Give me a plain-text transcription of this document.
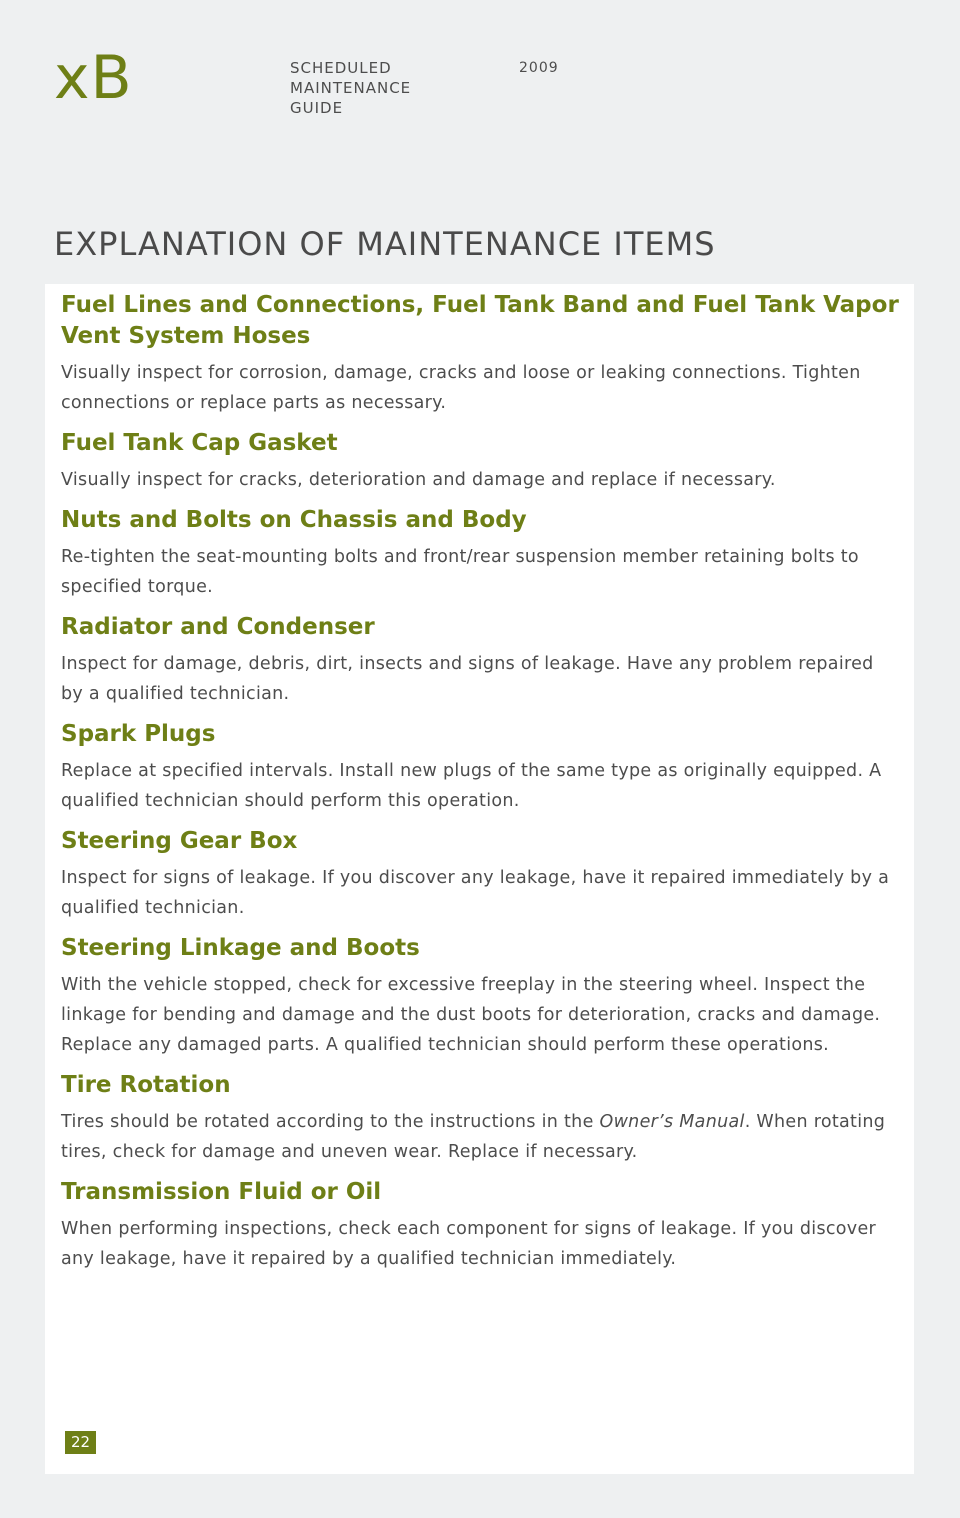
xB	SCHEDULED
MAINTENANCE
GUIDE
2009
EXPLANATION OF MAINTENANCE ITEMS
Fuel Lines and Connections, Fuel Tank Band and Fuel Tank Vapor Vent System Hoses

Visually inspect for corrosion, damage, cracks and loose or leaking connections. Tighten connections or replace parts as necessary.

Fuel Tank Cap Gasket

Visually inspect for cracks, deterioration and damage and replace if necessary.

Nuts and Bolts on Chassis and Body

Re-tighten the seat-mounting bolts and front/rear suspension member retaining bolts to specified torque.

Radiator and Condenser

Inspect for damage, debris, dirt, insects and signs of leakage. Have any problem repaired by a qualified technician.

Spark Plugs

Replace at specified intervals. Install new plugs of the same type as originally equipped. A qualified technician should perform this operation.

Steering Gear Box

Inspect for signs of leakage. If you discover any leakage, have it repaired immediately by a qualified technician.

Steering Linkage and Boots

With the vehicle stopped, check for excessive freeplay in the steering wheel. Inspect the linkage for bending and damage and the dust boots for deterioration, cracks and damage. Replace any damaged parts. A qualified technician should perform these operations.

Tire Rotation

Tires should be rotated according to the instructions in the Owner’s Manual. When rotating tires, check for damage and uneven wear. Replace if necessary.

Transmission Fluid or Oil

When performing inspections, check each component for signs of leakage. If you discover any leakage, have it repaired by a qualified technician immediately.

22
